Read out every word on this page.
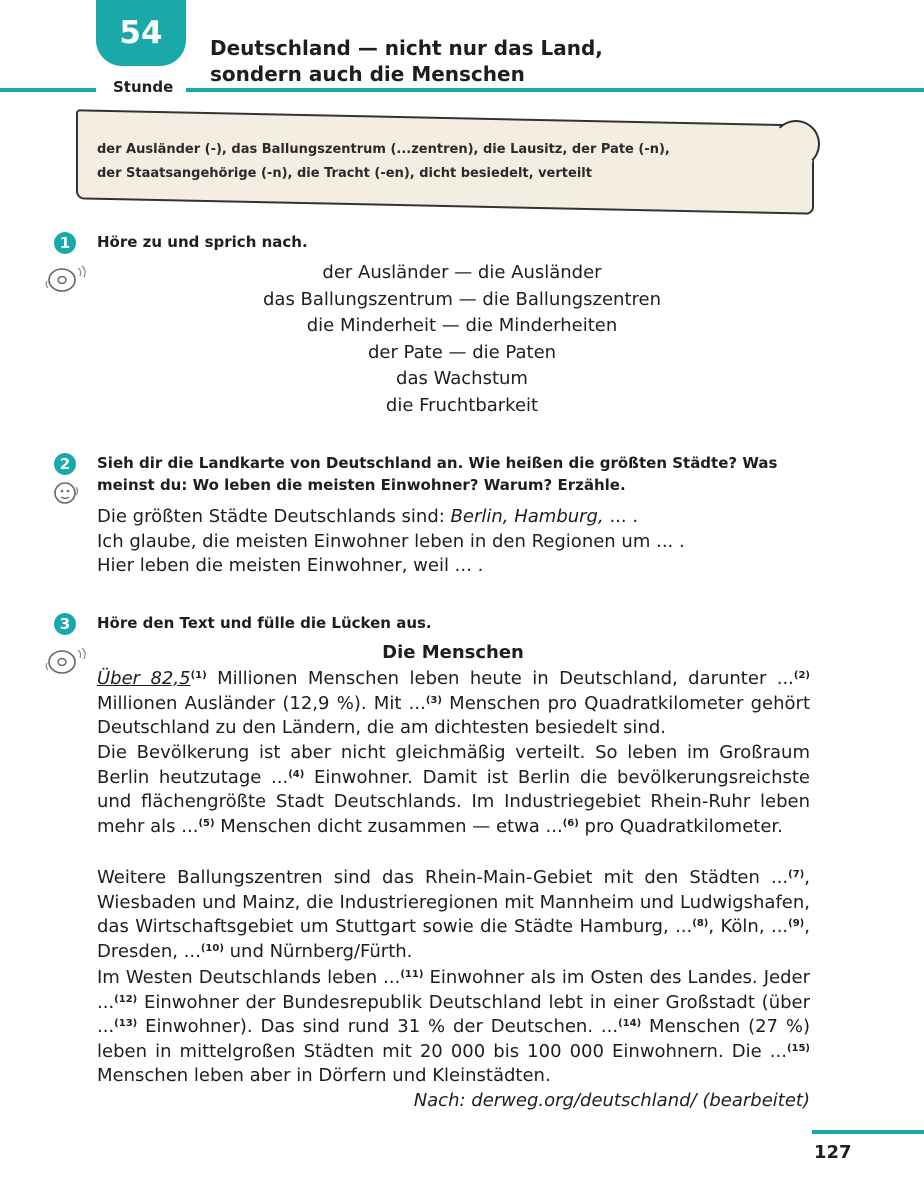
54
Stunde
Deutschland — nicht nur das Land,
sondern auch die Menschen
der Ausländer (-), das Ballungszentrum (...zentren), die Lausitz, der Pate (-n),
der Staatsangehörige (-n), die Tracht (-en), dicht besiedelt, verteilt
1	Höre zu und sprich nach.
der Ausländer — die Ausländer
das Ballungszentrum — die Ballungszentren
die Minderheit — die Minderheiten
der Pate — die Paten
das Wachstum
die Fruchtbarkeit
2	Sieh dir die Landkarte von Deutschland an. Wie heißen die größten Städte? Was
meinst du: Wo leben die meisten Einwohner? Warum? Erzähle.
Die größten Städte Deutschlands sind: Berlin, Hamburg, ... .
Ich glaube, die meisten Einwohner leben in den Regionen um ... .
Hier leben die meisten Einwohner, weil ... .
3	Höre den Text und fülle die Lücken aus.
Die Menschen
Über 82,5$^{(1)}$ Millionen Menschen leben heute in Deutschland, darunter ...$^{(2)}$ Millionen Ausländer (12,9 %). Mit ...$^{(3)}$ Menschen pro Quadratkilometer gehört Deutschland zu den Ländern, die am dichtesten besiedelt sind.
Die Bevölkerung ist aber nicht gleichmäßig verteilt. So leben im Großraum Berlin heutzutage ...$^{(4)}$ Einwohner. Damit ist Berlin die bevölkerungsreichste und flächengrößte Stadt Deutschlands. Im Industriegebiet Rhein-Ruhr leben mehr als ...$^{(5)}$ Menschen dicht zusammen — etwa ...$^{(6)}$ pro Quadratkilometer.
Weitere Ballungszentren sind das Rhein-Main-Gebiet mit den Städten ...$^{(7)}$, Wiesbaden und Mainz, die Industrieregionen mit Mannheim und Ludwigshafen, das Wirtschaftsgebiet um Stuttgart sowie die Städte Hamburg, ...$^{(8)}$, Köln, ...$^{(9)}$, Dresden, ...$^{(10)}$ und Nürnberg/Fürth.
Im Westen Deutschlands leben ...$^{(11)}$ Einwohner als im Osten des Landes. Jeder ...$^{(12)}$ Einwohner der Bundesrepublik Deutschland lebt in einer Großstadt (über ...$^{(13)}$ Einwohner). Das sind rund 31 % der Deutschen. ...$^{(14)}$ Menschen (27 %) leben in mittelgroßen Städten mit 20 000 bis 100 000 Einwohnern. Die ...$^{(15)}$ Menschen leben aber in Dörfern und Kleinstädten.
Nach: derweg.org/deutschland/ (bearbeitet)
127
